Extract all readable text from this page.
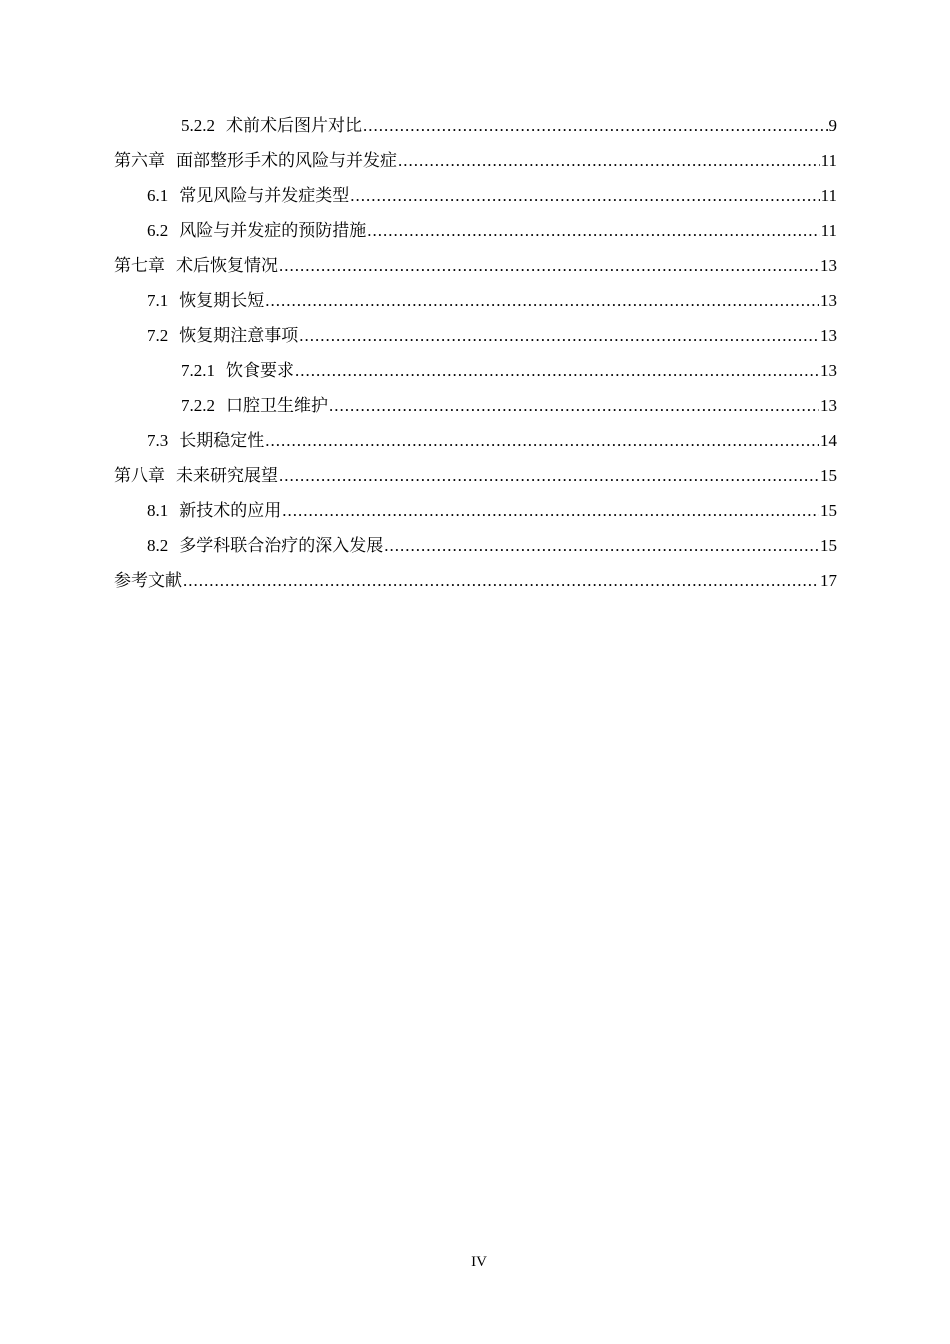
5.2.2 术前术后图片对比 .....	9
第六章 面部整形手术的风险与并发症 .....	11
6.1 常见风险与并发症类型 .....	11
6.2 风险与并发症的预防措施 .....	11
第七章 术后恢复情况 .....	13
7.1 恢复期长短 .....	13
7.2 恢复期注意事项 .....	13
7.2.1 饮食要求 .....	13
7.2.2 口腔卫生维护 .....	13
7.3 长期稳定性 .....	14
第八章 未来研究展望 .....	15
8.1 新技术的应用 .....	15
8.2 多学科联合治疗的深入发展 .....	15
参考文献 .....	17
IV
